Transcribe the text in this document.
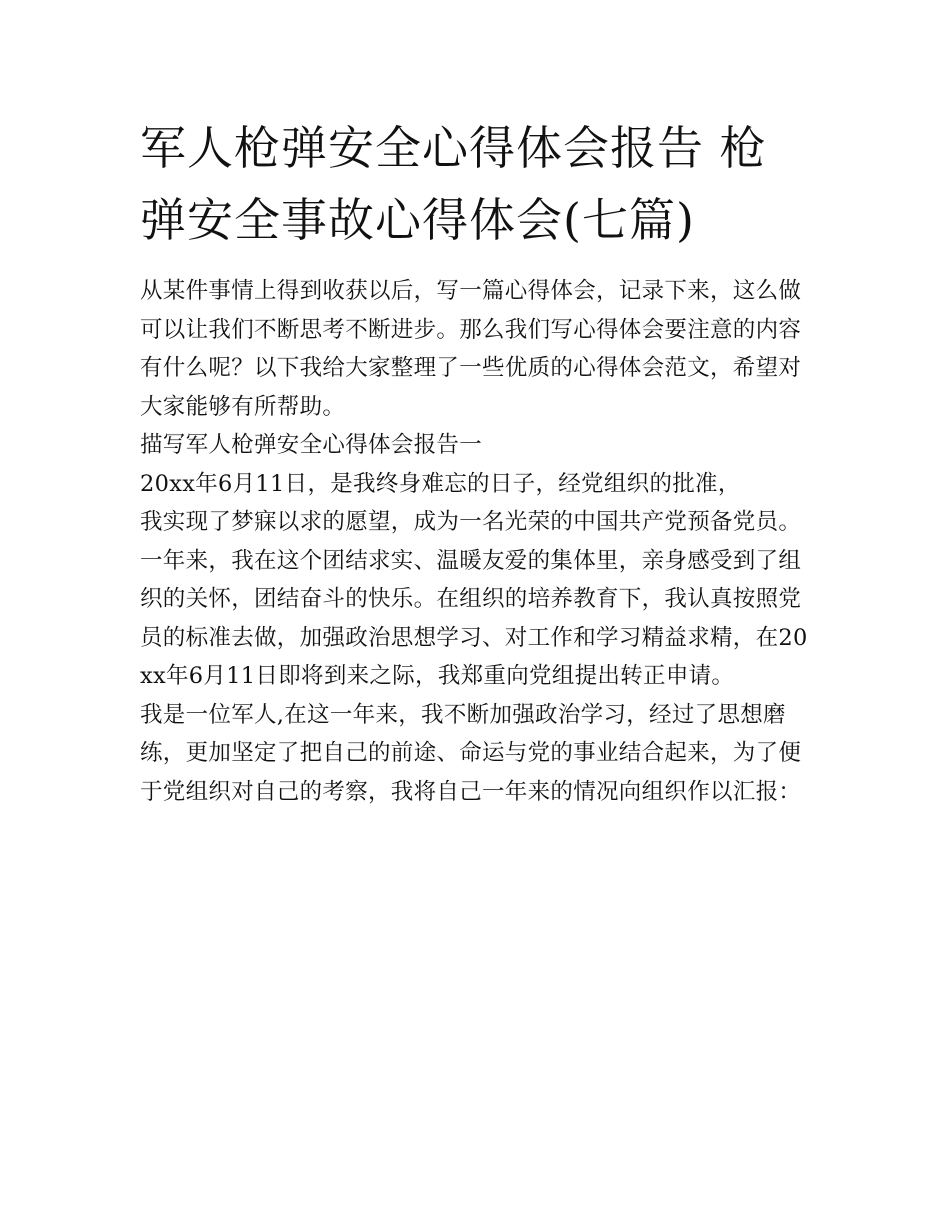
军人枪弹安全心得体会报告 枪弹安全事故心得体会(七篇)

从某件事情上得到收获以后，写一篇心得体会，记录下来，这么做可以让我们不断思考不断进步。那么我们写心得体会要注意的内容有什么呢？以下我给大家整理了一些优质的心得体会范文，希望对大家能够有所帮助。

描写军人枪弹安全心得体会报告一

20xx年6月11日，是我终身难忘的日子，经党组织的批准，

我实现了梦寐以求的愿望，成为一名光荣的中国共产党预备党员。一年来，我在这个团结求实、温暖友爱的集体里，亲身感受到了组织的关怀，团结奋斗的快乐。在组织的培养教育下，我认真按照党员的标准去做，加强政治思想学习、对工作和学习精益求精，在20xx年6月11日即将到来之际，我郑重向党组提出转正申请。

我是一位军人,在这一年来，我不断加强政治学习，经过了思想磨练，更加坚定了把自己的前途、命运与党的事业结合起来，为了便于党组织对自己的考察，我将自己一年来的情况向组织作以汇报：
